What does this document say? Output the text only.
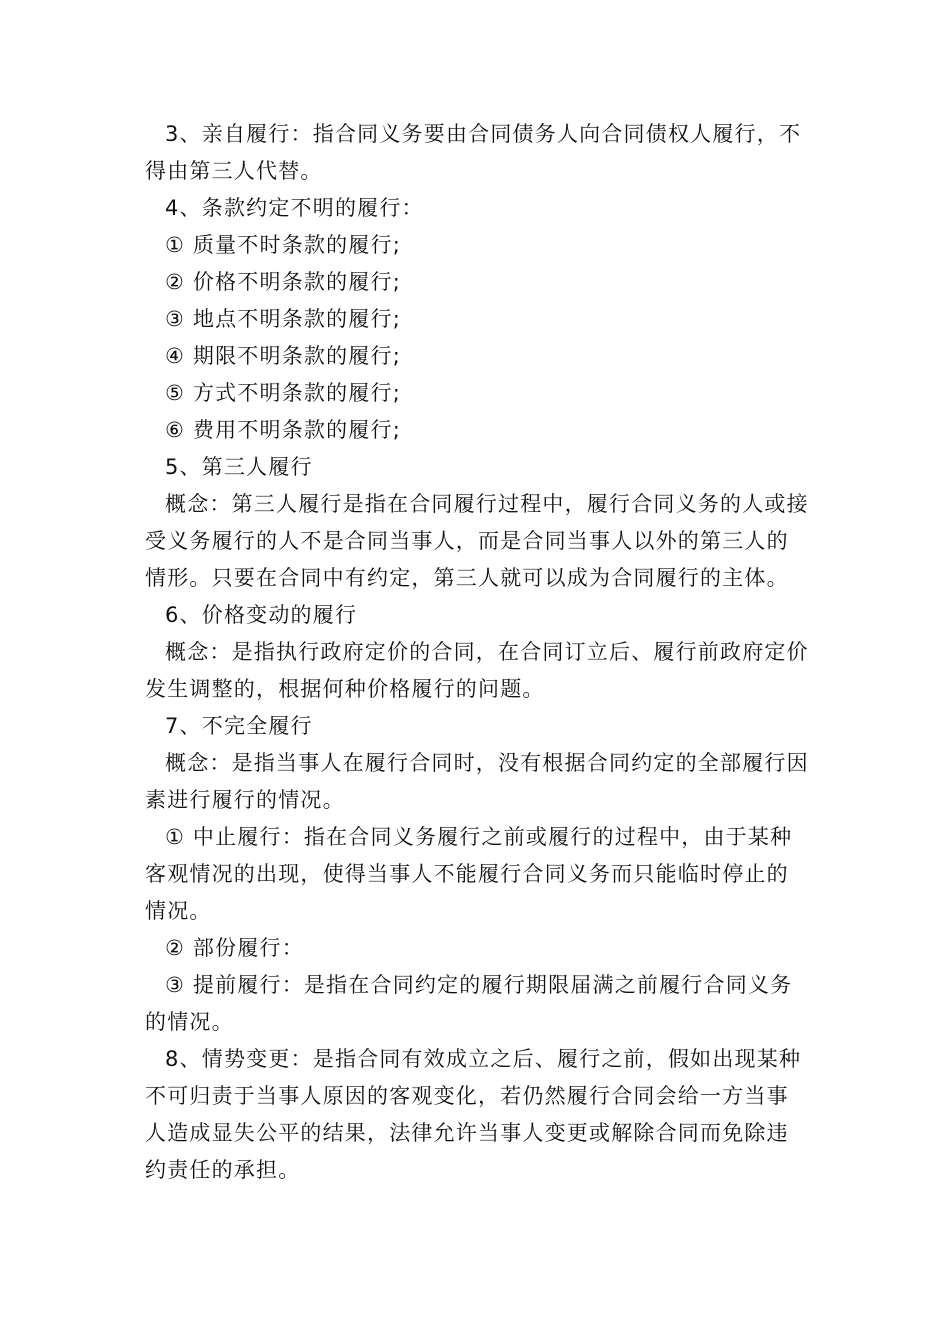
3、亲自履行：指合同义务要由合同债务人向合同债权人履行，不得由第三人代替。

4、条款约定不明的履行：

① 质量不时条款的履行;

② 价格不明条款的履行;

③ 地点不明条款的履行;

④ 期限不明条款的履行;

⑤ 方式不明条款的履行;

⑥ 费用不明条款的履行;

5、第三人履行

概念：第三人履行是指在合同履行过程中，履行合同义务的人或接受义务履行的人不是合同当事人，而是合同当事人以外的第三人的情形。只要在合同中有约定，第三人就可以成为合同履行的主体。

6、价格变动的履行

概念：是指执行政府定价的合同，在合同订立后、履行前政府定价发生调整的，根据何种价格履行的问题。

7、不完全履行

概念：是指当事人在履行合同时，没有根据合同约定的全部履行因素进行履行的情况。

① 中止履行：指在合同义务履行之前或履行的过程中，由于某种客观情况的出现，使得当事人不能履行合同义务而只能临时停止的情况。

② 部份履行：

③ 提前履行：是指在合同约定的履行期限届满之前履行合同义务的情况。

8、情势变更：是指合同有效成立之后、履行之前，假如出现某种不可归责于当事人原因的客观变化，若仍然履行合同会给一方当事人造成显失公平的结果，法律允许当事人变更或解除合同而免除违约责任的承担。
